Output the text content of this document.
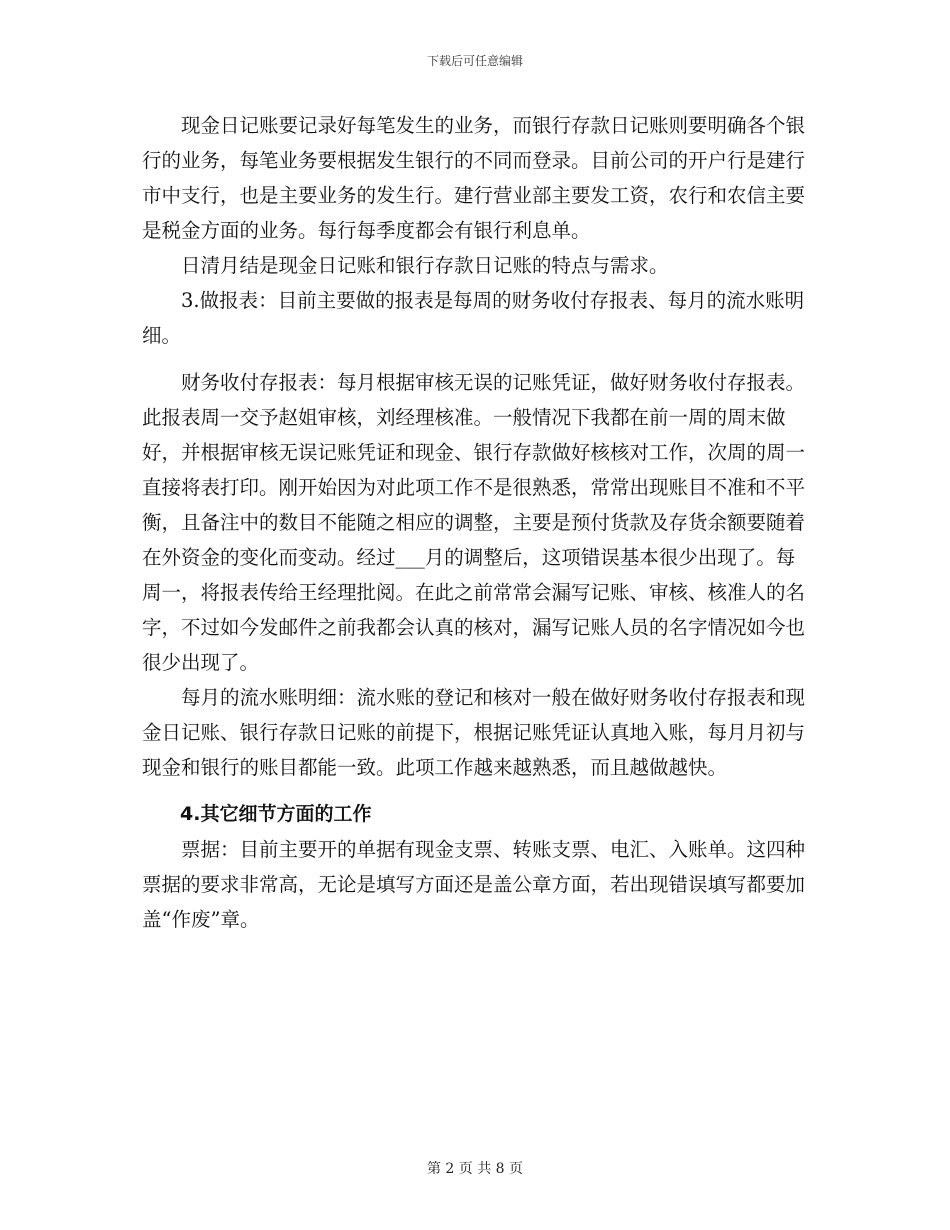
下载后可任意编辑

现金日记账要记录好每笔发生的业务，而银行存款日记账则要明确各个银行的业务，每笔业务要根据发生银行的不同而登录。目前公司的开户行是建行市中支行，也是主要业务的发生行。建行营业部主要发工资，农行和农信主要是税金方面的业务。每行每季度都会有银行利息单。

日清月结是现金日记账和银行存款日记账的特点与需求。

3.做报表：目前主要做的报表是每周的财务收付存报表、每月的流水账明细。

财务收付存报表：每月根据审核无误的记账凭证，做好财务收付存报表。此报表周一交予赵姐审核，刘经理核准。一般情况下我都在前一周的周末做好，并根据审核无误记账凭证和现金、银行存款做好核核对工作，次周的周一直接将表打印。刚开始因为对此项工作不是很熟悉，常常出现账目不准和不平衡，且备注中的数目不能随之相应的调整，主要是预付货款及存货余额要随着在外资金的变化而变动。经过___月的调整后，这项错误基本很少出现了。每周一，将报表传给王经理批阅。在此之前常常会漏写记账、审核、核准人的名字，不过如今发邮件之前我都会认真的核对，漏写记账人员的名字情况如今也很少出现了。

每月的流水账明细：流水账的登记和核对一般在做好财务收付存报表和现金日记账、银行存款日记账的前提下，根据记账凭证认真地入账，每月月初与现金和银行的账目都能一致。此项工作越来越熟悉，而且越做越快。

4.其它细节方面的工作

票据：目前主要开的单据有现金支票、转账支票、电汇、入账单。这四种票据的要求非常高，无论是填写方面还是盖公章方面，若出现错误填写都要加盖“作废”章。

第 2 页 共 8 页
